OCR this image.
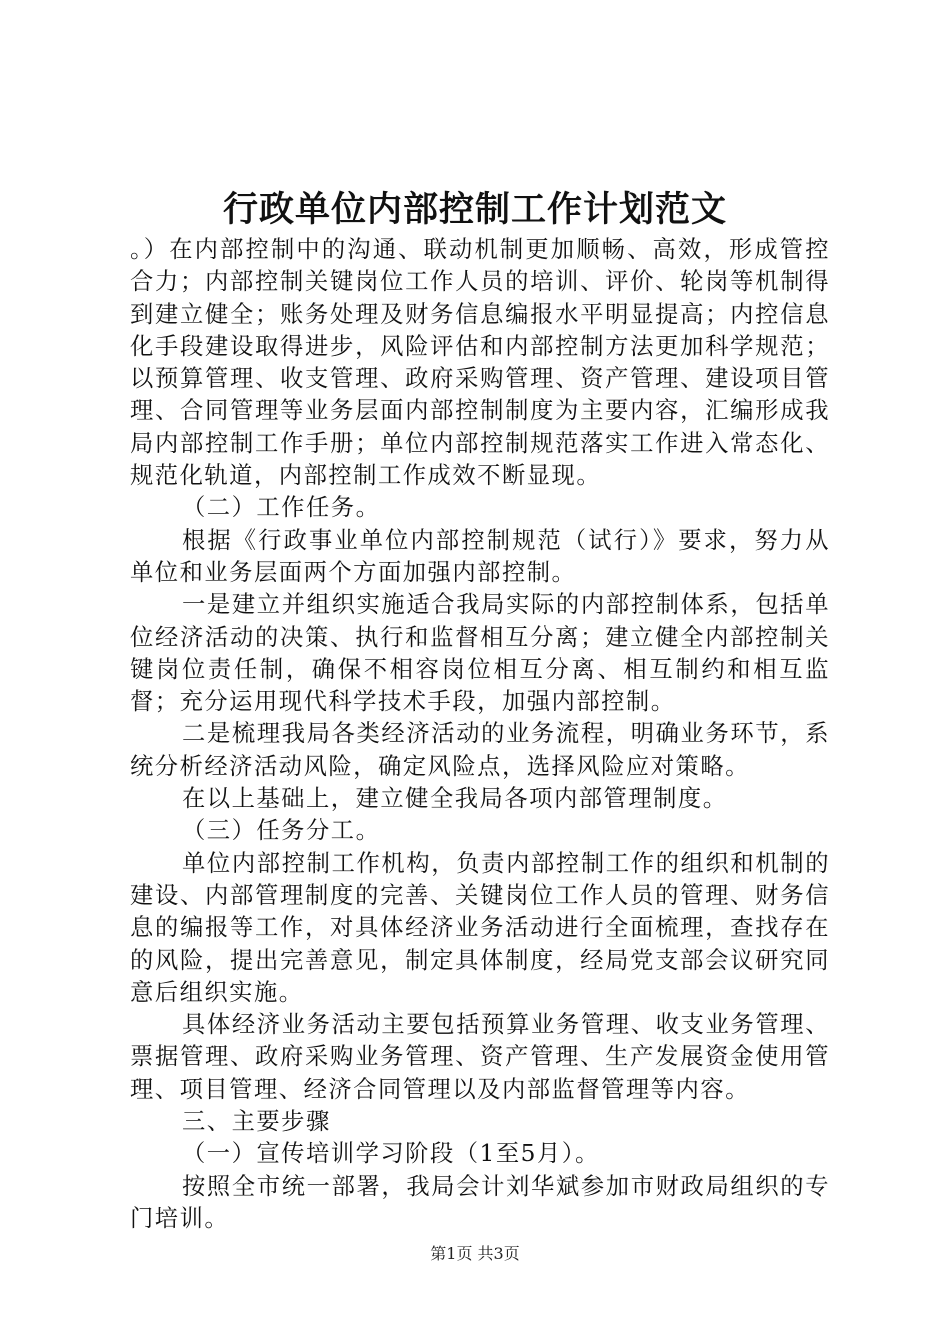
行政单位内部控制工作计划范文

。）在内部控制中的沟通、联动机制更加顺畅、高效，形成管控合力；内部控制关键岗位工作人员的培训、评价、轮岗等机制得到建立健全；账务处理及财务信息编报水平明显提高；内控信息化手段建设取得进步，风险评估和内部控制方法更加科学规范；以预算管理、收支管理、政府采购管理、资产管理、建设项目管理、合同管理等业务层面内部控制制度为主要内容，汇编形成我局内部控制工作手册；单位内部控制规范落实工作进入常态化、规范化轨道，内部控制工作成效不断显现。

（二）工作任务。

根据《行政事业单位内部控制规范（试行）》要求，努力从单位和业务层面两个方面加强内部控制。

一是建立并组织实施适合我局实际的内部控制体系，包括单位经济活动的决策、执行和监督相互分离；建立健全内部控制关键岗位责任制，确保不相容岗位相互分离、相互制约和相互监督；充分运用现代科学技术手段，加强内部控制。

二是梳理我局各类经济活动的业务流程，明确业务环节，系统分析经济活动风险，确定风险点，选择风险应对策略。

在以上基础上，建立健全我局各项内部管理制度。

（三）任务分工。

单位内部控制工作机构，负责内部控制工作的组织和机制的建设、内部管理制度的完善、关键岗位工作人员的管理、财务信息的编报等工作，对具体经济业务活动进行全面梳理，查找存在的风险，提出完善意见，制定具体制度，经局党支部会议研究同意后组织实施。

具体经济业务活动主要包括预算业务管理、收支业务管理、票据管理、政府采购业务管理、资产管理、生产发展资金使用管理、项目管理、经济合同管理以及内部监督管理等内容。

三、主要步骤

（一）宣传培训学习阶段（1至5月）。

按照全市统一部署，我局会计刘华斌参加市财政局组织的专门培训。

第1页 共3页
